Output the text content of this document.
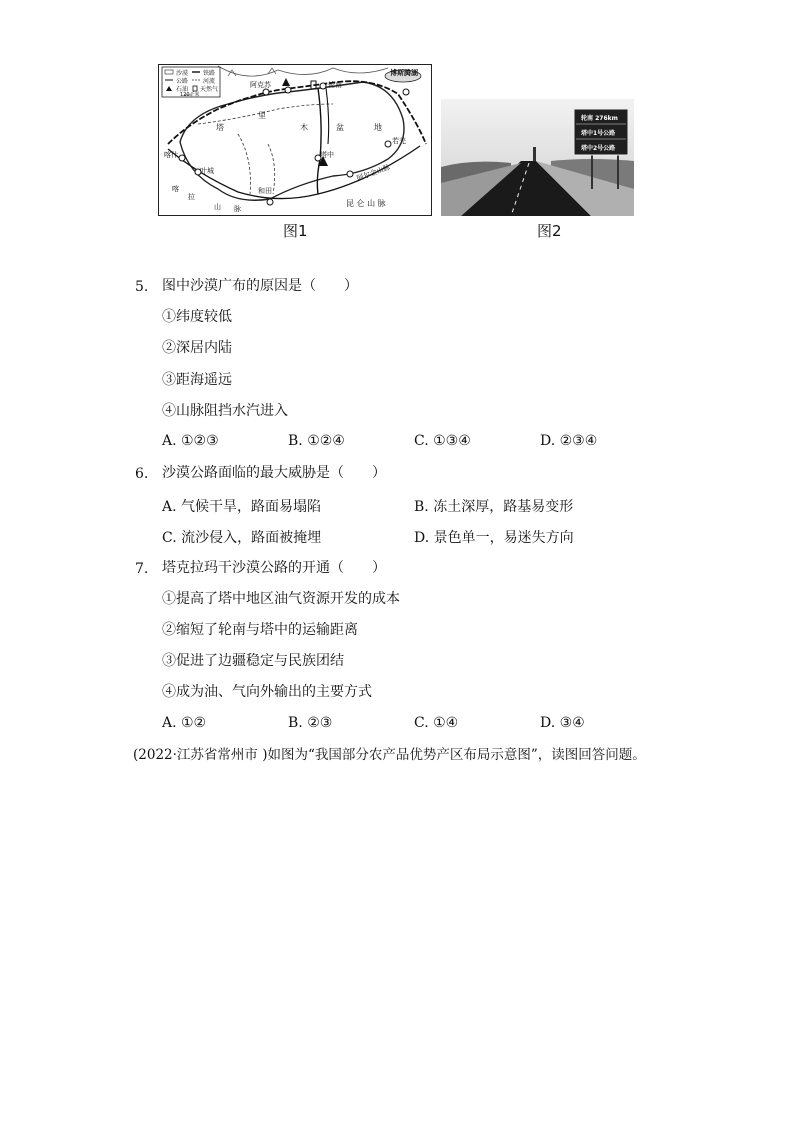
沙漠 铁路
公路 河流
石油 天然气
120千米
博斯腾湖
阿克苏	轮南
喀什
塔
里
木	盆	地
塔中
叶城
和田
若羌
阿尔金山脉
昆 仑 山 脉
喀
拉
山 脉
图1
轮南 276km
塔中1号公路
塔中2号公路
图2
5. 图中沙漠广布的原因是（　　）
①纬度较低
②深居内陆
③距海遥远
④山脉阻挡水汽进入
A. ①②③	B. ①②④	C. ①③④	D. ②③④
6. 沙漠公路面临的最大威胁是（　　）
A. 气候干旱，路面易塌陷	B. 冻土深厚，路基易变形
C. 流沙侵入，路面被掩埋	D. 景色单一，易迷失方向
7. 塔克拉玛干沙漠公路的开通（　　）
①提高了塔中地区油气资源开发的成本
②缩短了轮南与塔中的运输距离
③促进了边疆稳定与民族团结
④成为油、气向外输出的主要方式
A. ①②	B. ②③	C. ①④	D. ③④
(2022·江苏省常州市 )如图为“我国部分农产品优势产区布局示意图”，读图回答问题。
